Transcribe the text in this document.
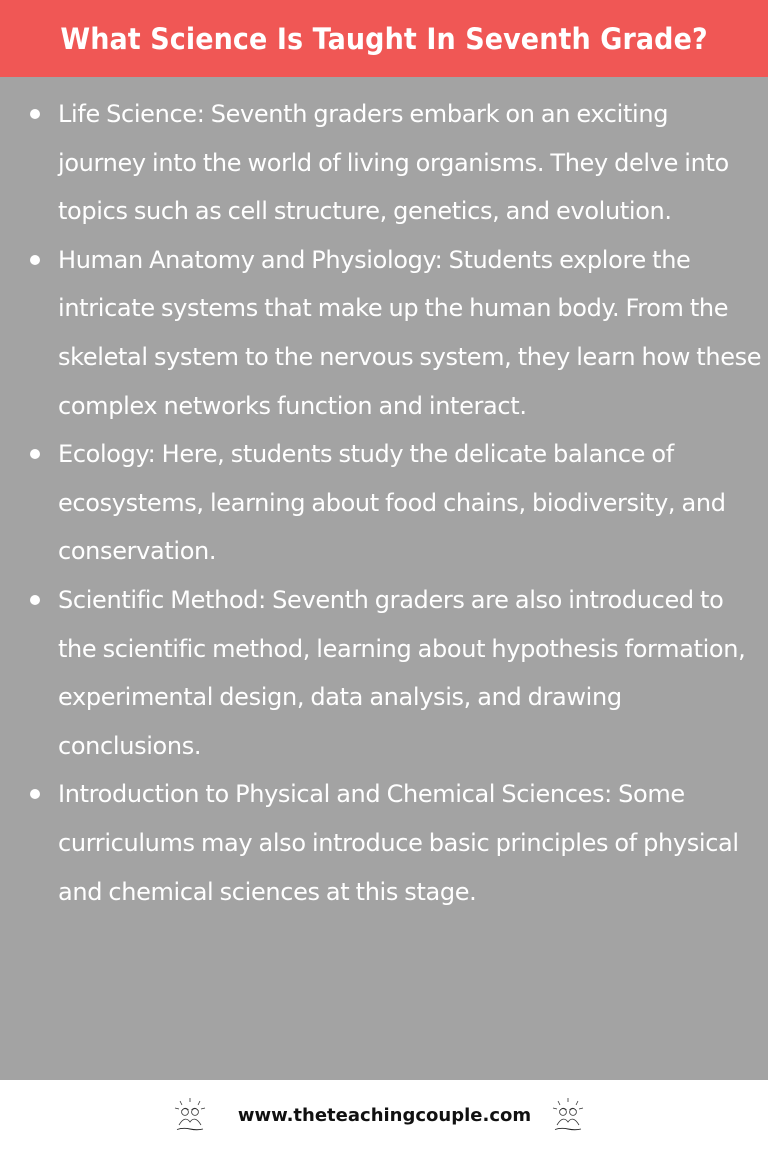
What Science Is Taught In Seventh Grade?
Life Science: Seventh graders embark on an exciting journey into the world of living organisms. They delve into topics such as cell structure, genetics, and evolution.
Human Anatomy and Physiology: Students explore the intricate systems that make up the human body. From the skeletal system to the nervous system, they learn how these complex networks function and interact.
Ecology: Here, students study the delicate balance of ecosystems, learning about food chains, biodiversity, and conservation.
Scientific Method: Seventh graders are also introduced to the scientific method, learning about hypothesis formation, experimental design, data analysis, and drawing conclusions.
Introduction to Physical and Chemical Sciences: Some curriculums may also introduce basic principles of physical and chemical sciences at this stage.
www.theteachingcouple.com
